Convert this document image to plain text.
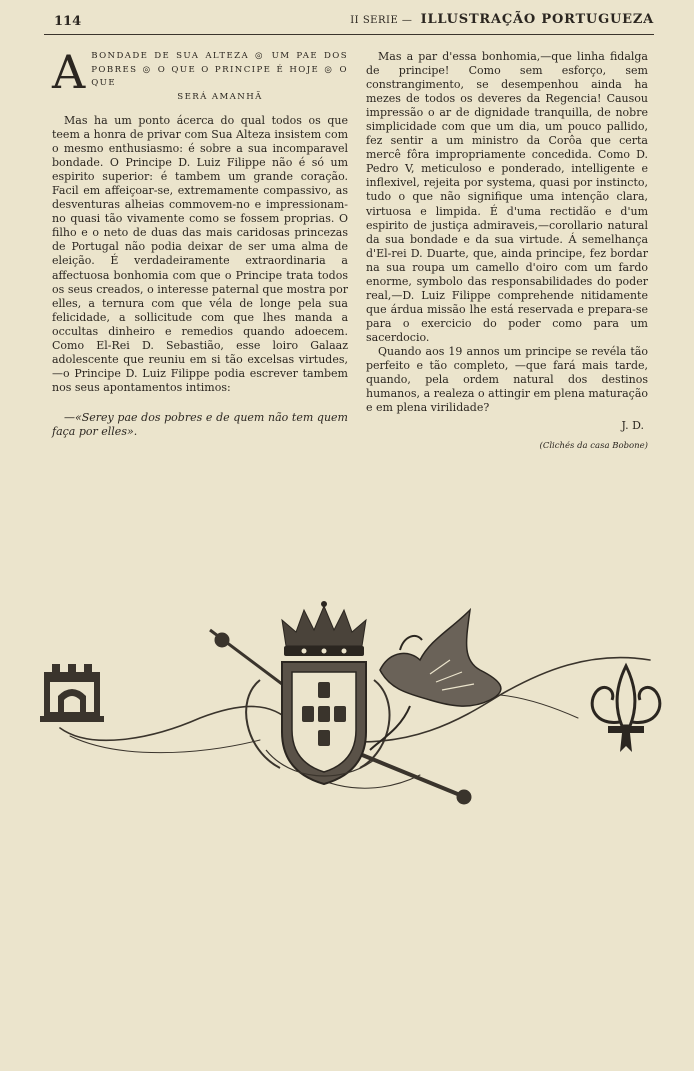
114	II SERIE — ILLUSTRAÇÃO PORTUGUEZA
A BONDADE DE SUA ALTEZA ◎ UM PAE DOS POBRES ◎ O QUE O PRINCIPE É HOJE ◎ O QUE
SERÁ AMANHÃ

Mas ha um ponto ácerca do qual todos os que teem a honra de privar com Sua Alteza insistem com o mesmo enthusiasmo: é sobre a sua incomparavel bondade. O Principe D. Luiz Filippe não é só um espirito superior: é tambem um grande coração. Facil em affeiçoar-se, extremamente compassivo, as desventuras alheias commovem-no e impressionam-no quasi tão vivamente como se fossem proprias. O filho e o neto de duas das mais caridosas princezas de Portugal não podia deixar de ser uma alma de eleição. É verdadeiramente extraordinaria a affectuosa bonhomia com que o Principe trata todos os seus creados, o interesse paternal que mostra por elles, a ternura com que véla de longe pela sua felicidade, a sollicitude com que lhes manda a occultas dinheiro e remedios quando adoecem. Como El-Rei D. Sebastião, esse loiro Galaaz adolescente que reuniu em si tão excelsas virtudes,—o Principe D. Luiz Filippe podia escrever tambem nos seus apontamentos intimos:

—«Serey pae dos pobres e de quem não tem quem faça por elles».

Mas a par d'essa bonhomia,—que linha fidalga de principe! Como sem esforço, sem constrangimento, se desempenhou ainda ha mezes de todos os deveres da Regencia! Causou impressão o ar de dignidade tranquilla, de nobre simplicidade com que um dia, um pouco pallido, fez sentir a um ministro da Corôa que certa mercê fôra impropriamente concedida. Como D. Pedro V, meticuloso e ponderado, intelligente e inflexivel, rejeita por systema, quasi por instincto, tudo o que não signifique uma intenção clara, virtuosa e limpida. É d'uma rectidão e d'um espirito de justiça admiraveis,—corollario natural da sua bondade e da sua virtude. Á semelhança d'El-rei D. Duarte, que, ainda principe, fez bordar na sua roupa um camello d'oiro com um fardo enorme, symbolo das responsabilidades do poder real,—D. Luiz Filippe comprehende nitidamente que árdua missão lhe está reservada e prepara-se para o exercicio do poder como para um sacerdocio.

Quando aos 19 annos um principe se revéla tão perfeito e tão completo, —que fará mais tarde, quando, pela ordem natural dos destinos humanos, a realeza o attingir em plena maturação e em plena virilidade?

J. D.

(Clichés da casa Bobone)
